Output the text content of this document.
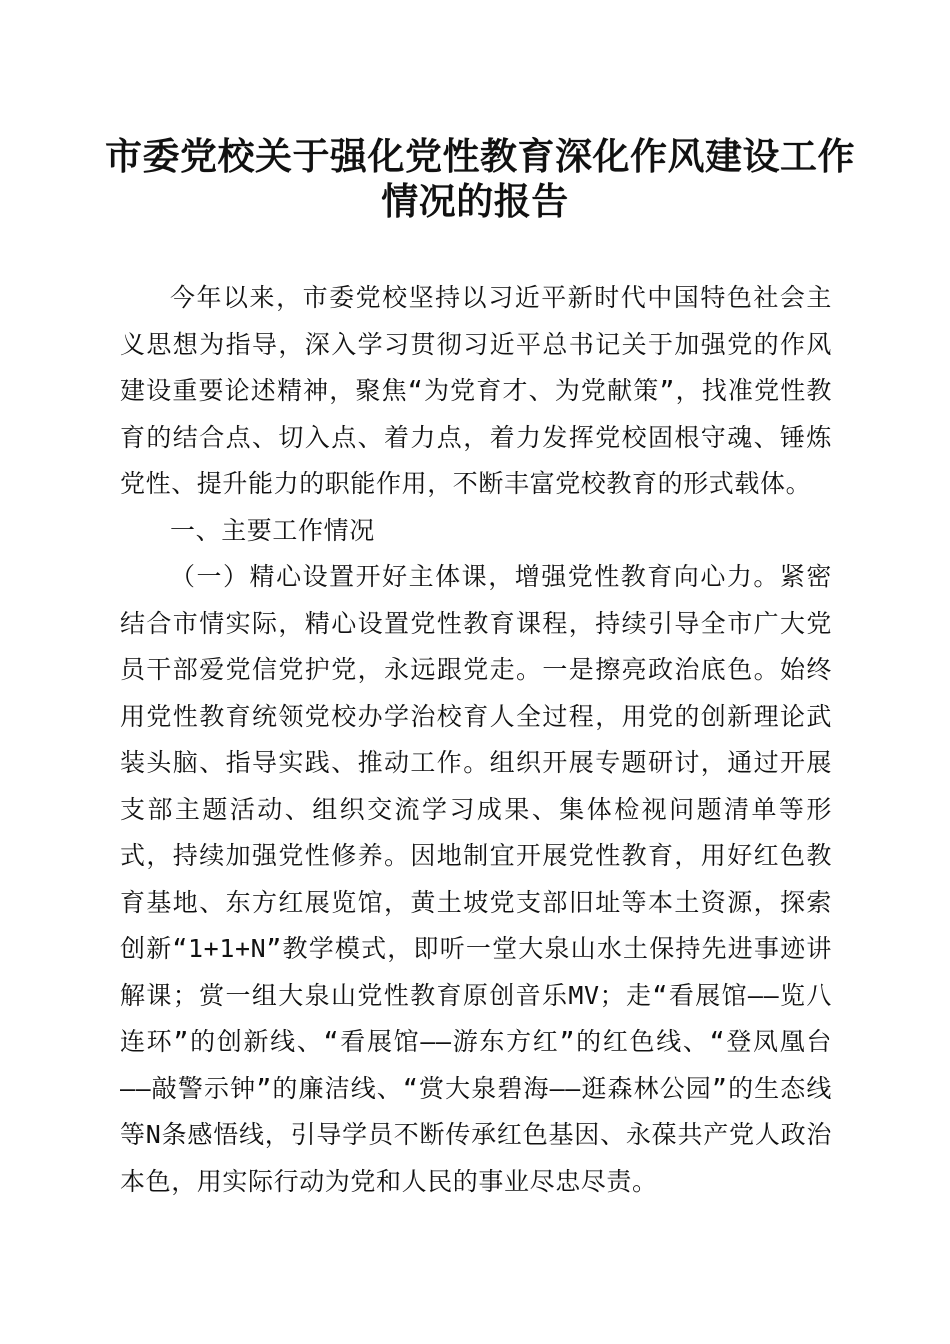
市委党校关于强化党性教育深化作风建设工作
情况的报告

今年以来，市委党校坚持以习近平新时代中国特色社会主义思想为指导，深入学习贯彻习近平总书记关于加强党的作风建设重要论述精神，聚焦“为党育才、为党献策”，找准党性教育的结合点、切入点、着力点，着力发挥党校固根守魂、锤炼党性、提升能力的职能作用，不断丰富党校教育的形式载体。

一、主要工作情况

（一）精心设置开好主体课，增强党性教育向心力。紧密结合市情实际，精心设置党性教育课程，持续引导全市广大党员干部爱党信党护党，永远跟党走。一是擦亮政治底色。始终用党性教育统领党校办学治校育人全过程，用党的创新理论武装头脑、指导实践、推动工作。组织开展专题研讨，通过开展支部主题活动、组织交流学习成果、集体检视问题清单等形式，持续加强党性修养。因地制宜开展党性教育，用好红色教育基地、东方红展览馆，黄土坡党支部旧址等本土资源，探索创新“1+1+N”教学模式，即听一堂大泉山水土保持先进事迹讲解课；赏一组大泉山党性教育原创音乐MV；走“看展馆——览八连环”的创新线、“看展馆——游东方红”的红色线、“登凤凰台——敲警示钟”的廉洁线、“赏大泉碧海——逛森林公园”的生态线等N条感悟线，引导学员不断传承红色基因、永葆共产党人政治本色，用实际行动为党和人民的事业尽忠尽责。
